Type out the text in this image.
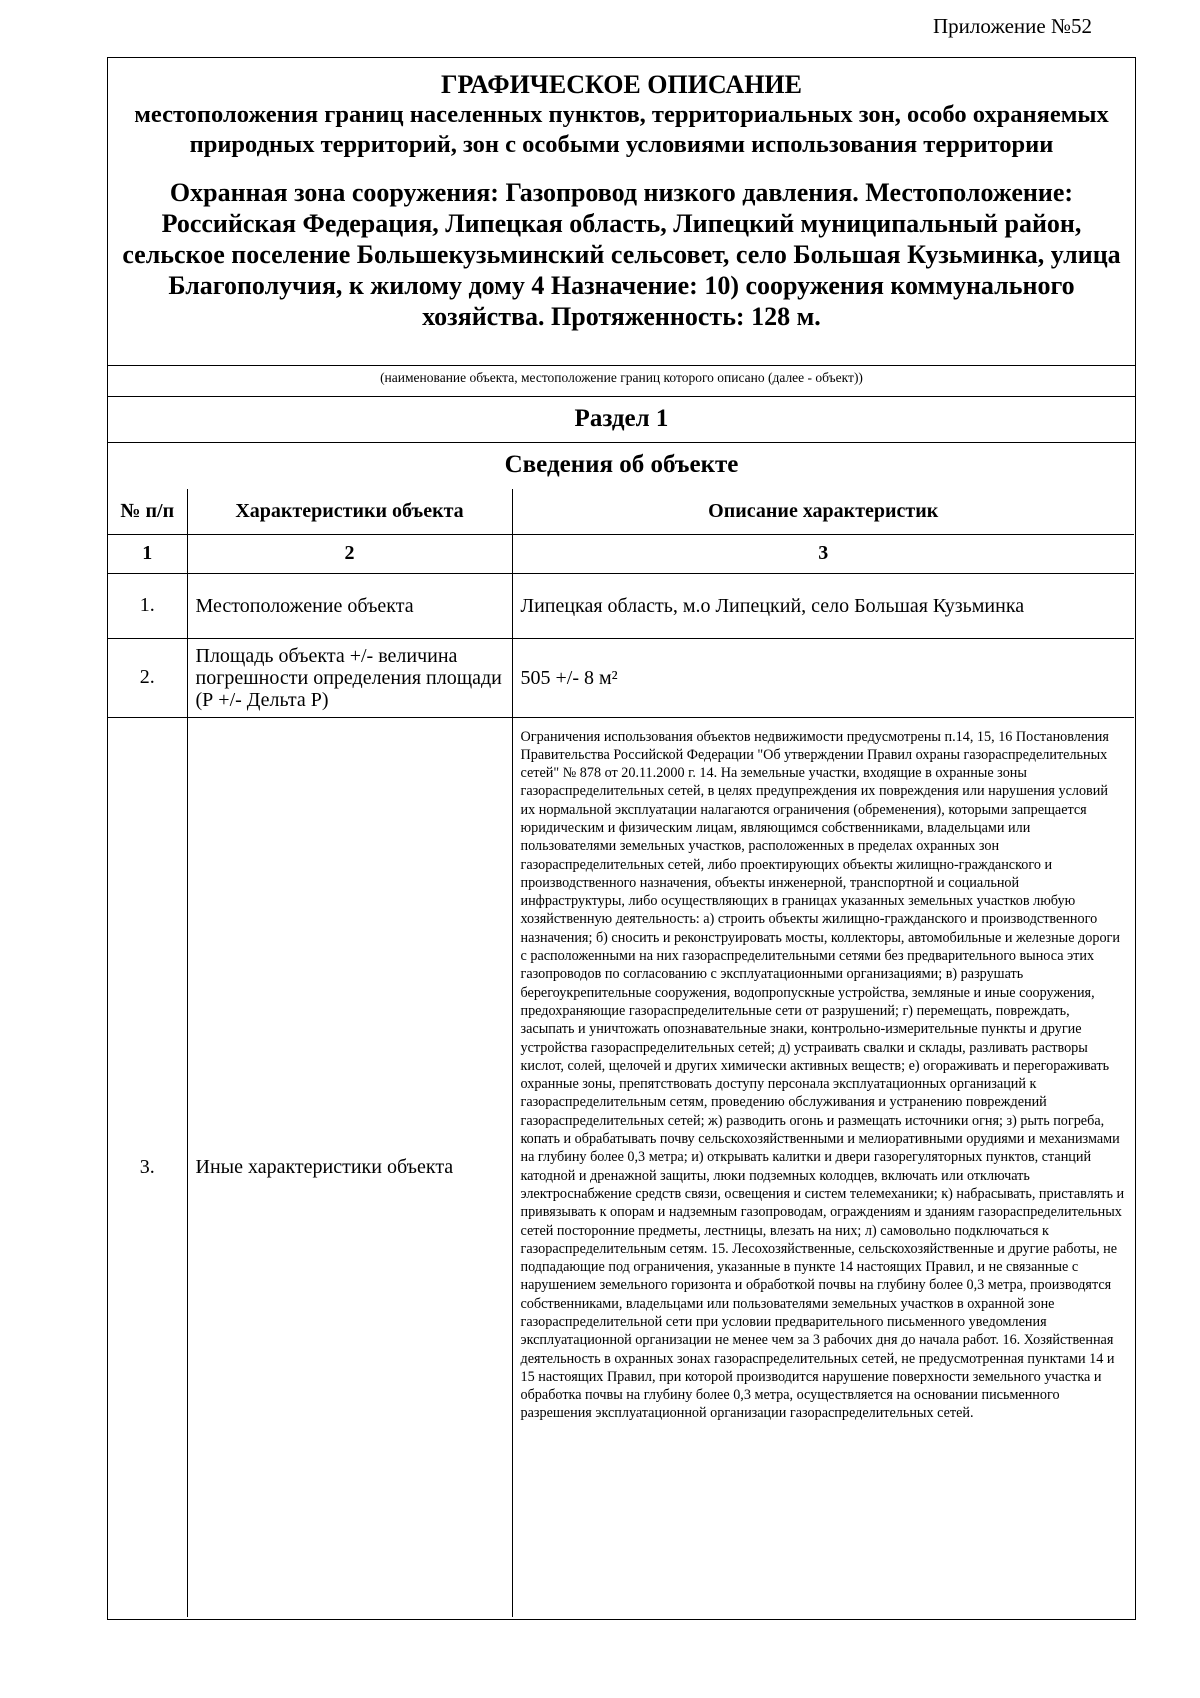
Приложение №52
ГРАФИЧЕСКОЕ ОПИСАНИЕ
местоположения границ населенных пунктов, территориальных зон, особо охраняемых природных территорий, зон с особыми условиями использования территории
Охранная зона сооружения: Газопровод низкого давления. Местоположение: Российская Федерация, Липецкая область, Липецкий муниципальный район, сельское поселение Большекузьминский сельсовет, село Большая Кузьминка, улица Благополучия, к жилому дому 4 Назначение: 10) сооружения коммунального хозяйства. Протяженность: 128 м.
(наименование объекта, местоположение границ которого описано (далее - объект))
Раздел 1
Сведения об объекте
№ п/п	Характеристики объекта	Описание характеристик
1	2	3
1.	Местоположение объекта	Липецкая область, м.о Липецкий, село Большая Кузьминка
2.	Площадь объекта +/- величина погрешности определения площади (Р +/- Дельта Р)	505 +/- 8 м²
3.	Иные характеристики объекта	Ограничения использования объектов недвижимости предусмотрены п.14, 15, 16 Постановления Правительства Российской Федерации "Об утверждении Правил охраны газораспределительных сетей" № 878 от 20.11.2000 г. 14. На земельные участки, входящие в охранные зоны газораспределительных сетей, в целях предупреждения их повреждения или нарушения условий их нормальной эксплуатации налагаются ограничения (обременения), которыми запрещается юридическим и физическим лицам, являющимся собственниками, владельцами или пользователями земельных участков, расположенных в пределах охранных зон газораспределительных сетей, либо проектирующих объекты жилищно-гражданского и производственного назначения, объекты инженерной, транспортной и социальной инфраструктуры, либо осуществляющих в границах указанных земельных участков любую хозяйственную деятельность: а) строить объекты жилищно-гражданского и производственного назначения; б) сносить и реконструировать мосты, коллекторы, автомобильные и железные дороги с расположенными на них газораспределительными сетями без предварительного выноса этих газопроводов по согласованию с эксплуатационными организациями; в) разрушать берегоукрепительные сооружения, водопропускные устройства, земляные и иные сооружения, предохраняющие газораспределительные сети от разрушений; г) перемещать, повреждать, засыпать и уничтожать опознавательные знаки, контрольно-измерительные пункты и другие устройства газораспределительных сетей; д) устраивать свалки и склады, разливать растворы кислот, солей, щелочей и других химически активных веществ; е) огораживать и перегораживать охранные зоны, препятствовать доступу персонала эксплуатационных организаций к газораспределительным сетям, проведению обслуживания и устранению повреждений газораспределительных сетей; ж) разводить огонь и размещать источники огня; з) рыть погреба, копать и обрабатывать почву сельскохозяйственными и мелиоративными орудиями и механизмами на глубину более 0,3 метра; и) открывать калитки и двери газорегуляторных пунктов, станций катодной и дренажной защиты, люки подземных колодцев, включать или отключать электроснабжение средств связи, освещения и систем телемеханики; к) набрасывать, приставлять и привязывать к опорам и надземным газопроводам, ограждениям и зданиям газораспределительных сетей посторонние предметы, лестницы, влезать на них; л) самовольно подключаться к газораспределительным сетям. 15. Лесохозяйственные, сельскохозяйственные и другие работы, не подпадающие под ограничения, указанные в пункте 14 настоящих Правил, и не связанные с нарушением земельного горизонта и обработкой почвы на глубину более 0,3 метра, производятся собственниками, владельцами или пользователями земельных участков в охранной зоне газораспределительной сети при условии предварительного письменного уведомления эксплуатационной организации не менее чем за 3 рабочих дня до начала работ. 16. Хозяйственная деятельность в охранных зонах газораспределительных сетей, не предусмотренная пунктами 14 и 15 настоящих Правил, при которой производится нарушение поверхности земельного участка и обработка почвы на глубину более 0,3 метра, осуществляется на основании письменного разрешения эксплуатационной организации газораспределительных сетей.
